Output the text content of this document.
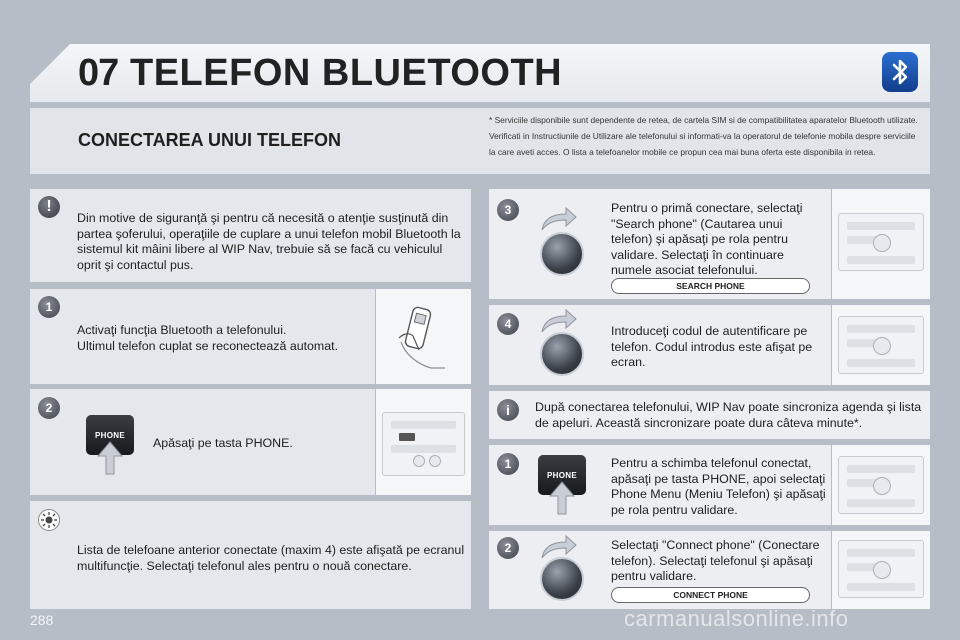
07 TELEFON BLUETOOTH
CONECTAREA UNUI TELEFON
* Serviciile disponibile sunt dependente de retea, de cartela SIM si de compatibilitatea aparatelor Bluetooth utilizate. Verificati in Instructiunile de Utilizare ale telefonului si informati-va la operatorul de telefonie mobila despre serviciile la care aveti acces. O lista a telefoanelor mobile ce propun cea mai buna oferta este disponibila in retea.
!
Din motive de siguranţă şi pentru că necesită o atenţie susţinută din partea şoferului, operaţiile de cuplare a unui telefon mobil Bluetooth la sistemul kit mâini libere al WIP Nav, trebuie să se facă cu vehiculul oprit şi contactul pus.
1
Activaţi funcţia Bluetooth a telefonului.
Ultimul telefon cuplat se reconectează automat.
2
PHONE
Apăsaţi pe tasta PHONE.
Lista de telefoane anterior conectate (maxim 4) este afişată pe ecranul multifuncţie. Selectaţi telefonul ales pentru o nouă conectare.
3	Pentru o primă conectare, selectaţi "Search phone" (Cautarea unui telefon) şi apăsaţi pe rola pentru validare. Selectaţi în continuare numele asociat telefonului.
SEARCH PHONE
4	Introduceţi codul de autentificare pe telefon. Codul introdus este afişat pe ecran.
i	După conectarea telefonului, WIP Nav poate sincroniza agenda şi lista de apeluri. Această sincronizare poate dura câteva minute*.
1
PHONE
Pentru a schimba telefonul conectat, apăsaţi pe tasta PHONE, apoi selectaţi Phone Menu (Meniu Telefon) şi apăsaţi pe rola pentru validare.
2	Selectaţi "Connect phone" (Conectare telefon). Selectaţi telefonul şi apăsaţi pentru validare.
CONNECT PHONE
288	carmanualsonline.info
